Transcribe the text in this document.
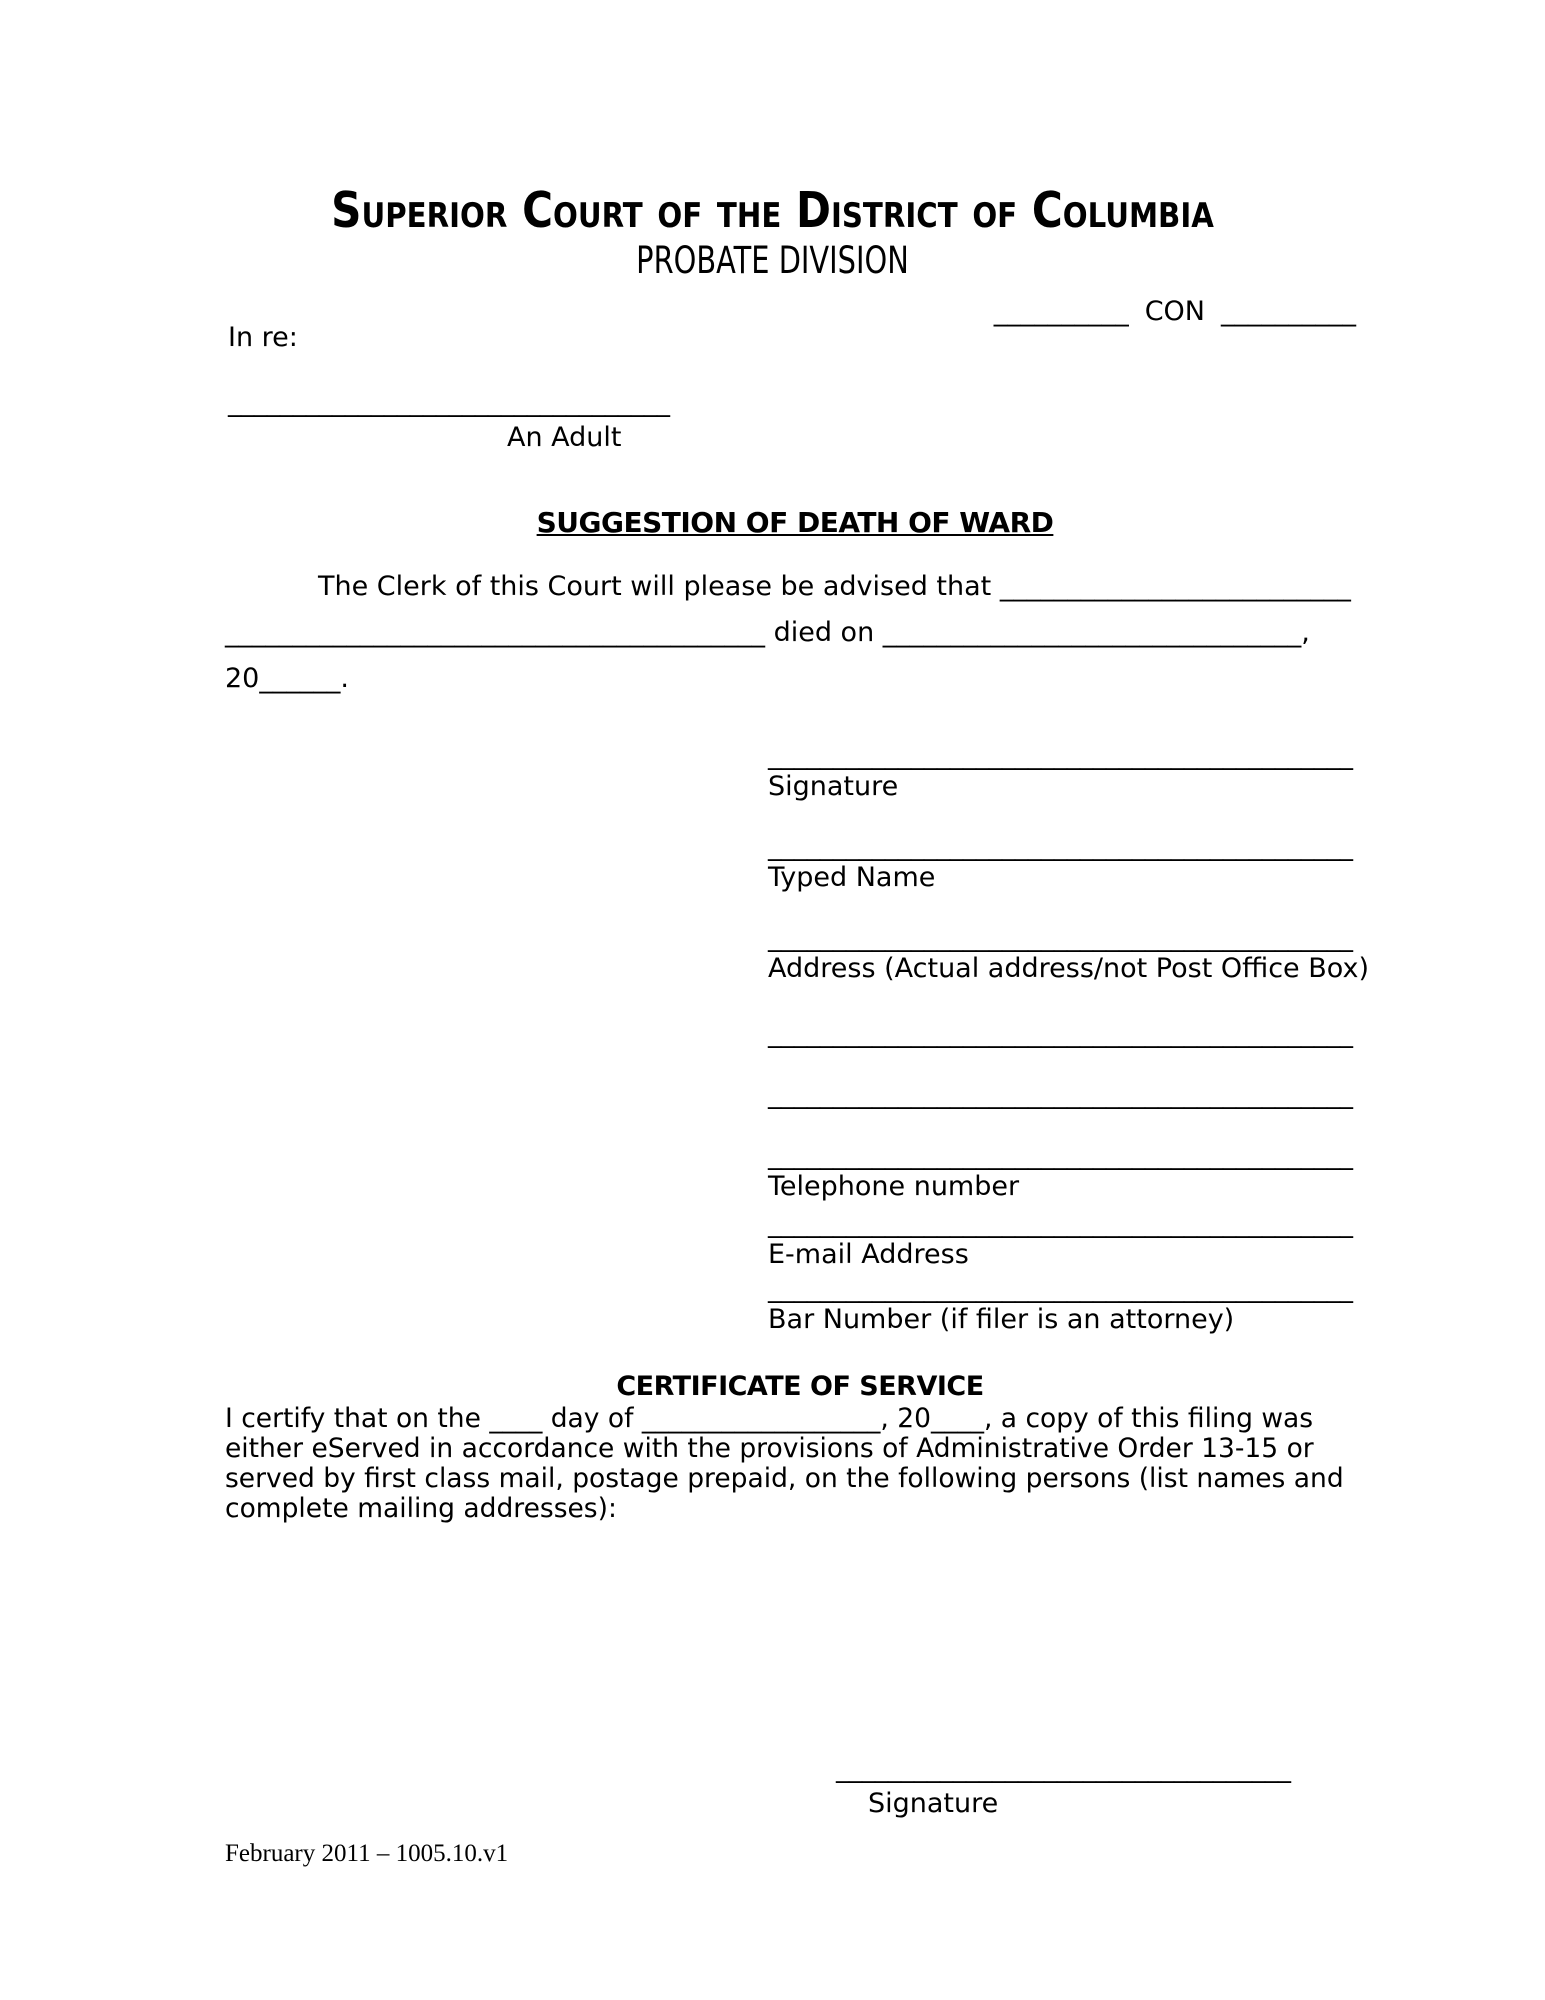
Superior Court of the District of Columbia
PROBATE DIVISION
__________ CON __________
In re:
__________________________________
An Adult
SUGGESTION OF DEATH OF WARD
The Clerk of this Court will please be advised that __________________________
________________________________________ died on _______________________________,
20______.
_____________________________________________
Signature
_____________________________________________
Typed Name
_____________________________________________
Address (Actual address/not Post Office Box)
_____________________________________________
_____________________________________________
_____________________________________________
Telephone number
_____________________________________________
E-mail Address
_____________________________________________
Bar Number (if filer is an attorney)
CERTIFICATE OF SERVICE
I certify that on the ____ day of __________________, 20____, a copy of this filing was
either eServed in accordance with the provisions of Administrative Order 13-15 or
served by first class mail, postage prepaid, on the following persons (list names and
complete mailing addresses):
___________________________________
Signature
February 2011 – 1005.10.v1
